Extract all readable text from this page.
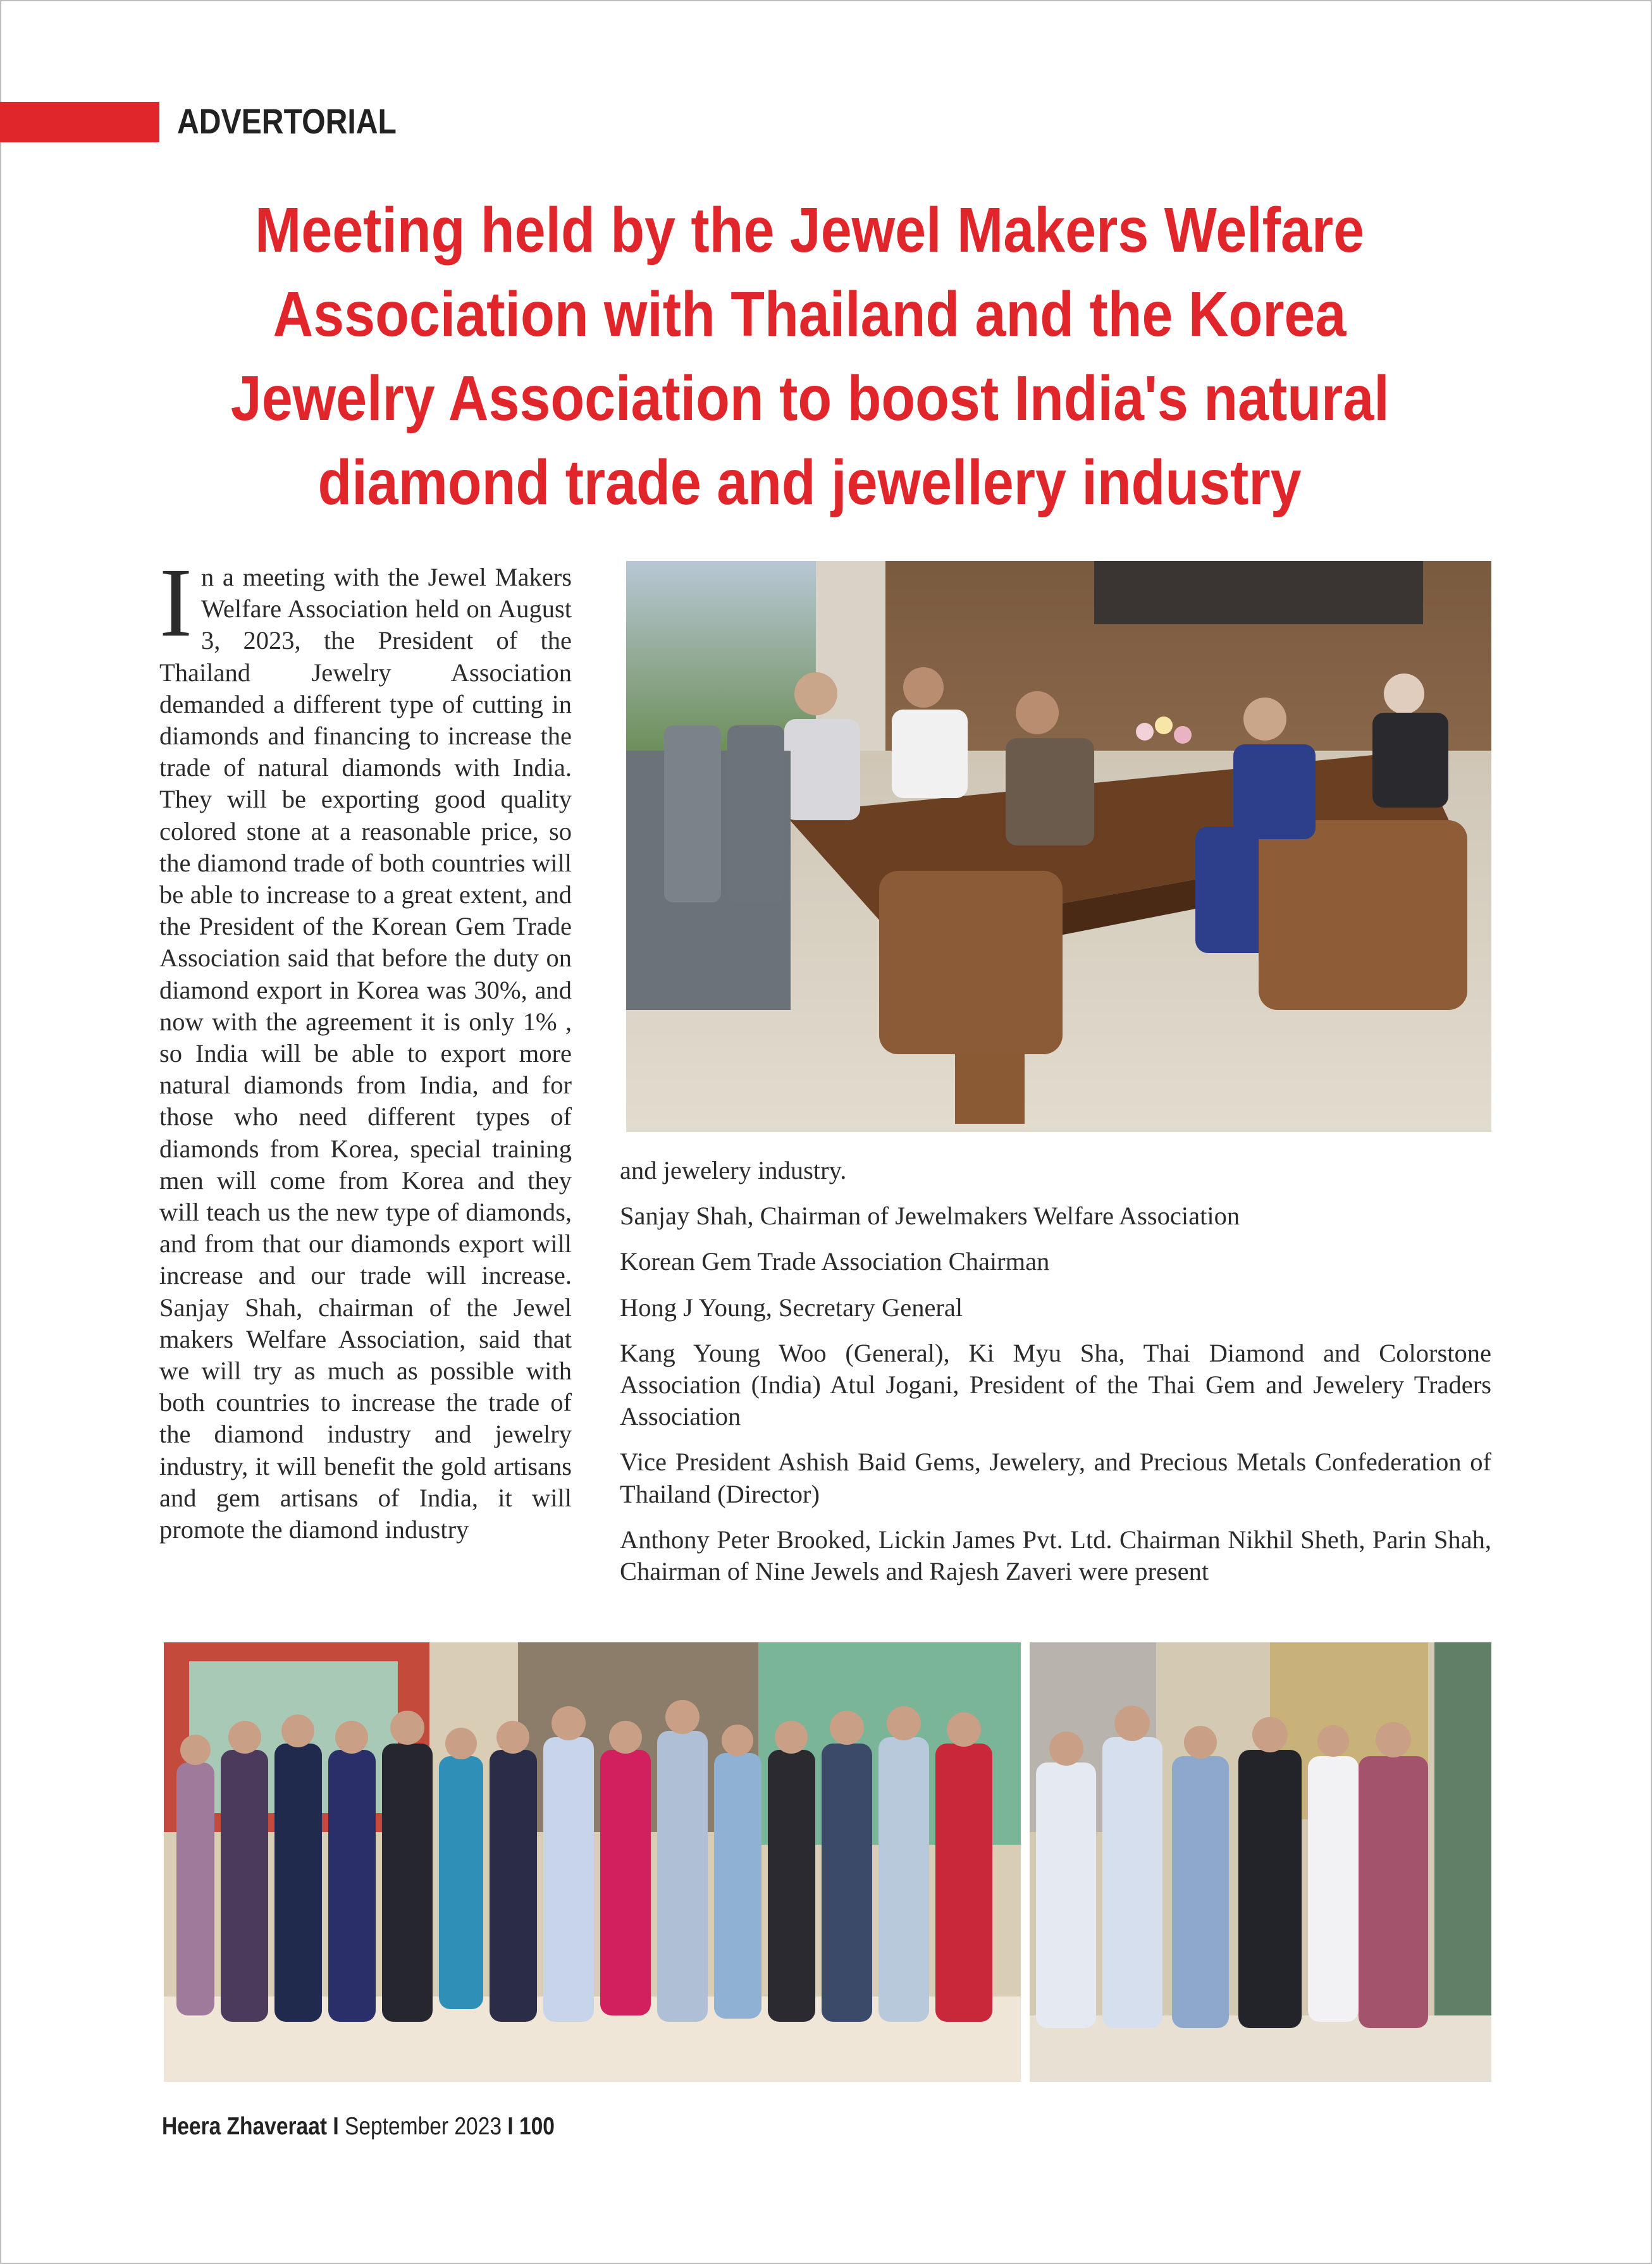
ADVERTORIAL
Meeting held by the Jewel Makers Welfare
Association with Thailand and the Korea
Jewelry Association to boost India's natural
diamond trade and jewellery industry
In a meeting with the Jewel Makers Welfare Association held on August 3, 2023, the President of the Thailand Jewelry Association demanded a different type of cutting in diamonds and financing to increase the trade of natural diamonds with India. They will be exporting good quality colored stone at a reasonable price, so the diamond trade of both countries will be able to increase to a great extent, and the President of the Korean Gem Trade Association said that before the duty on diamond export in Korea was 30%, and now with the agreement it is only 1% , so India will be able to export more natural diamonds from India, and for those who need different types of diamonds from Korea, special training men will come from Korea and they will teach us the new type of diamonds, and from that our diamonds export will increase and our trade will increase. Sanjay Shah, chairman of the Jewel makers Welfare Association, said that we will try as much as possible with both countries to increase the trade of the diamond industry and jewelry industry, it will benefit the gold artisans and gem artisans of India, it will promote the diamond industry

and jewelery industry.

Sanjay Shah, Chairman of Jewelmakers Welfare Association

Korean Gem Trade Association Chairman

Hong J Young, Secretary General

Kang Young Woo (General), Ki Myu Sha, Thai Diamond and Colorstone Association (India) Atul Jogani, President of the Thai Gem and Jewelery Traders Association

Vice President Ashish Baid Gems, Jewelery, and Precious Metals Confederation of Thailand (Director)

Anthony Peter Brooked, Lickin James Pvt. Ltd. Chairman Nikhil Sheth, Parin Shah, Chairman of Nine Jewels and Rajesh Zaveri were present

Heera Zhaveraat I September 2023 I 100
